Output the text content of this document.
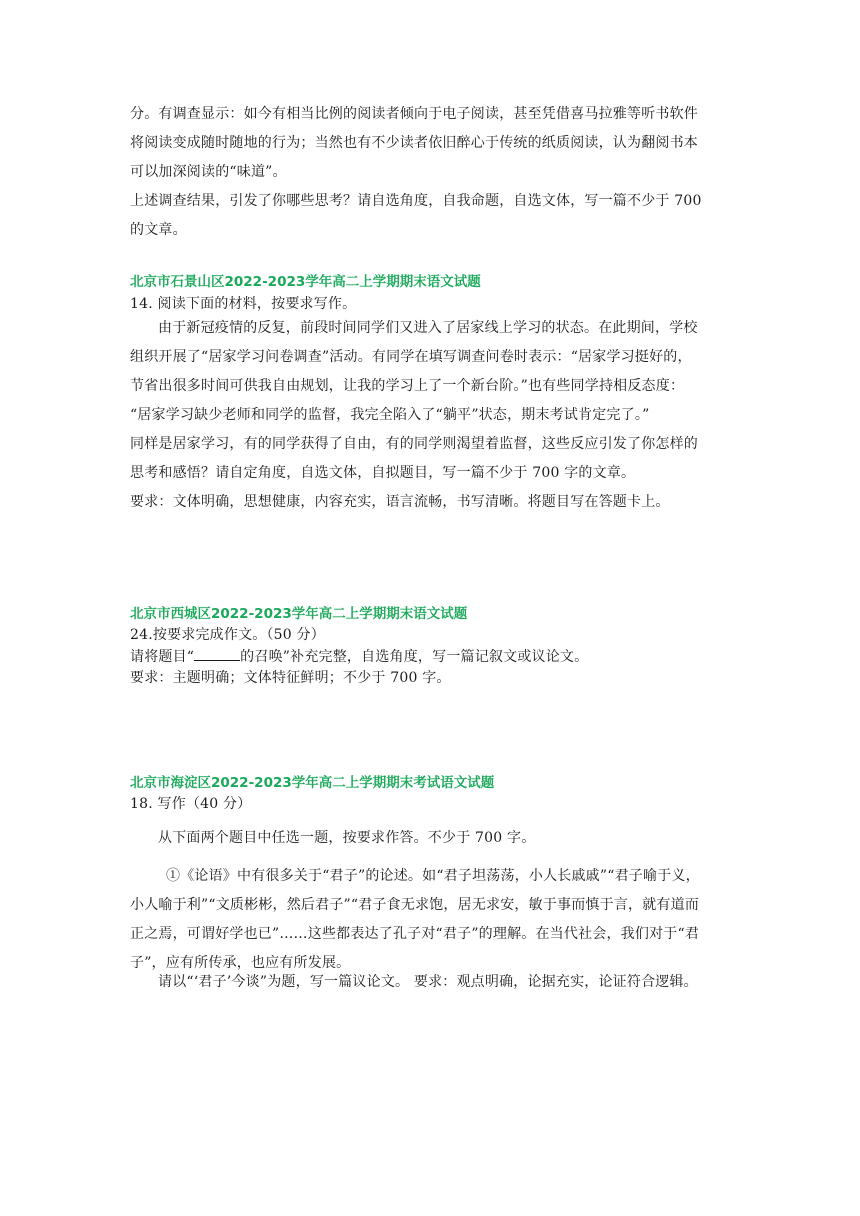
分。有调查显示：如今有相当比例的阅读者倾向于电子阅读，甚至凭借喜马拉雅等听书软件
将阅读变成随时随地的行为；当然也有不少读者依旧醉心于传统的纸质阅读，认为翻阅书本
可以加深阅读的“味道”。
上述调查结果，引发了你哪些思考？请自选角度，自我命题，自选文体，写一篇不少于 700
的文章。
北京市石景山区2022-2023学年高二上学期期末语文试题
14. 阅读下面的材料，按要求写作。
由于新冠疫情的反复，前段时间同学们又进入了居家线上学习的状态。在此期间，学校
组织开展了“居家学习问卷调查”活动。有同学在填写调查问卷时表示：“居家学习挺好的，
节省出很多时间可供我自由规划，让我的学习上了一个新台阶。”也有些同学持相反态度：
“居家学习缺少老师和同学的监督，我完全陷入了“躺平”状态，期末考试肯定完了。”
同样是居家学习，有的同学获得了自由，有的同学则渴望着监督，这些反应引发了你怎样的
思考和感悟？请自定角度，自选文体，自拟题目，写一篇不少于 700 字的文章。
要求：文体明确，思想健康，内容充实，语言流畅，书写清晰。将题目写在答题卡上。
北京市西城区2022-2023学年高二上学期期末语文试题
24.按要求完成作文。（50 分）
请将题目“	的召唤”补充完整，自选角度，写一篇记叙文或议论文。
要求：主题明确；文体特征鲜明；不少于 700 字。
北京市海淀区2022-2023学年高二上学期期末考试语文试题
18. 写作（40 分）
从下面两个题目中任选一题，按要求作答。不少于 700 字。
①《论语》中有很多关于“君子”的论述。如“君子坦荡荡，小人长戚戚”“君子喻于义，
小人喻于利”“文质彬彬，然后君子”“君子食无求饱，居无求安，敏于事而慎于言，就有道而
正之焉，可谓好学也已”……这些都表达了孔子对“君子”的理解。在当代社会，我们对于“君
子”，应有所传承，也应有所发展。
请以“‘君子’今谈”为题，写一篇议论文。 要求：观点明确，论据充实，论证符合逻辑。
